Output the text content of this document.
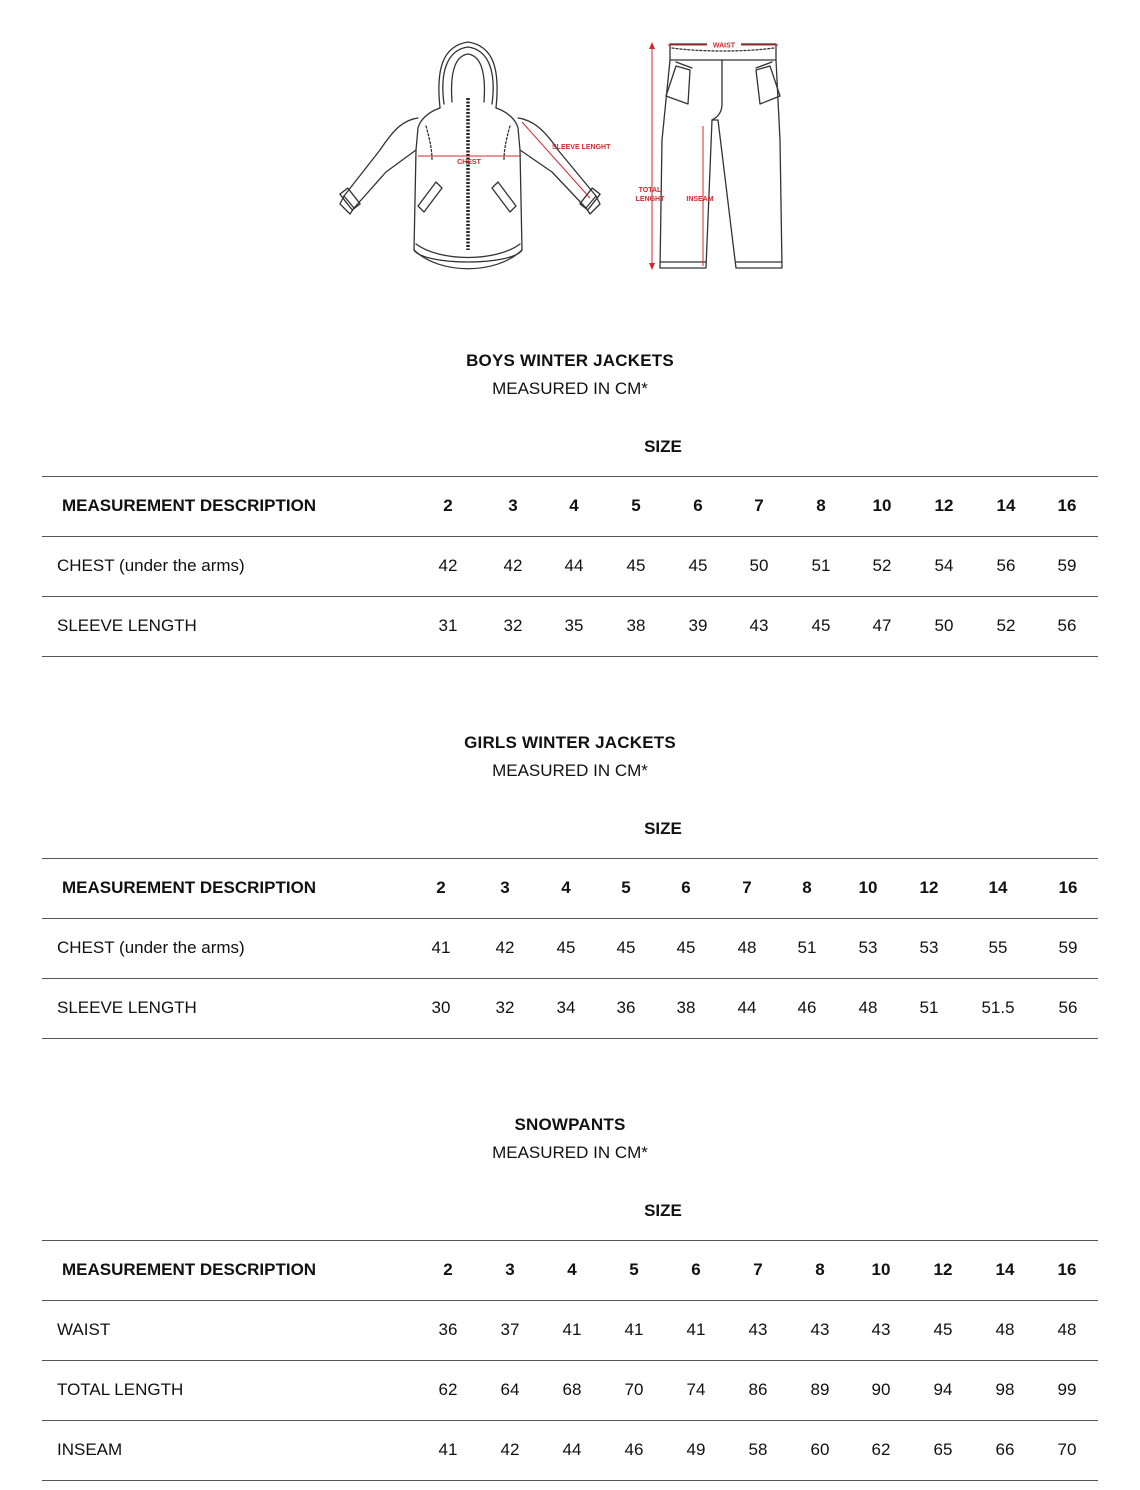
CHEST
SLEEVE LENGHT
WAIST
TOTAL
LENGHT	INSEAM
BOYS WINTER JACKETS
MEASURED IN CM*
SIZE
MEASUREMENT DESCRIPTION	2	3	4	5	6	7	8	10	12	14	16
CHEST (under the arms)	42	42	44	45	45	50	51	52	54	56	59
SLEEVE LENGTH	31	32	35	38	39	43	45	47	50	52	56
GIRLS WINTER JACKETS
MEASURED IN CM*
SIZE
MEASUREMENT DESCRIPTION	2	3	4	5	6	7	8	10	12	14	16
CHEST (under the arms)	41	42	45	45	45	48	51	53	53	55	59
SLEEVE LENGTH	30	32	34	36	38	44	46	48	51	51.5	56
SNOWPANTS
MEASURED IN CM*
SIZE
MEASUREMENT DESCRIPTION	2	3	4	5	6	7	8	10	12	14	16
WAIST	36	37	41	41	41	43	43	43	45	48	48
TOTAL LENGTH	62	64	68	70	74	86	89	90	94	98	99
INSEAM	41	42	44	46	49	58	60	62	65	66	70
